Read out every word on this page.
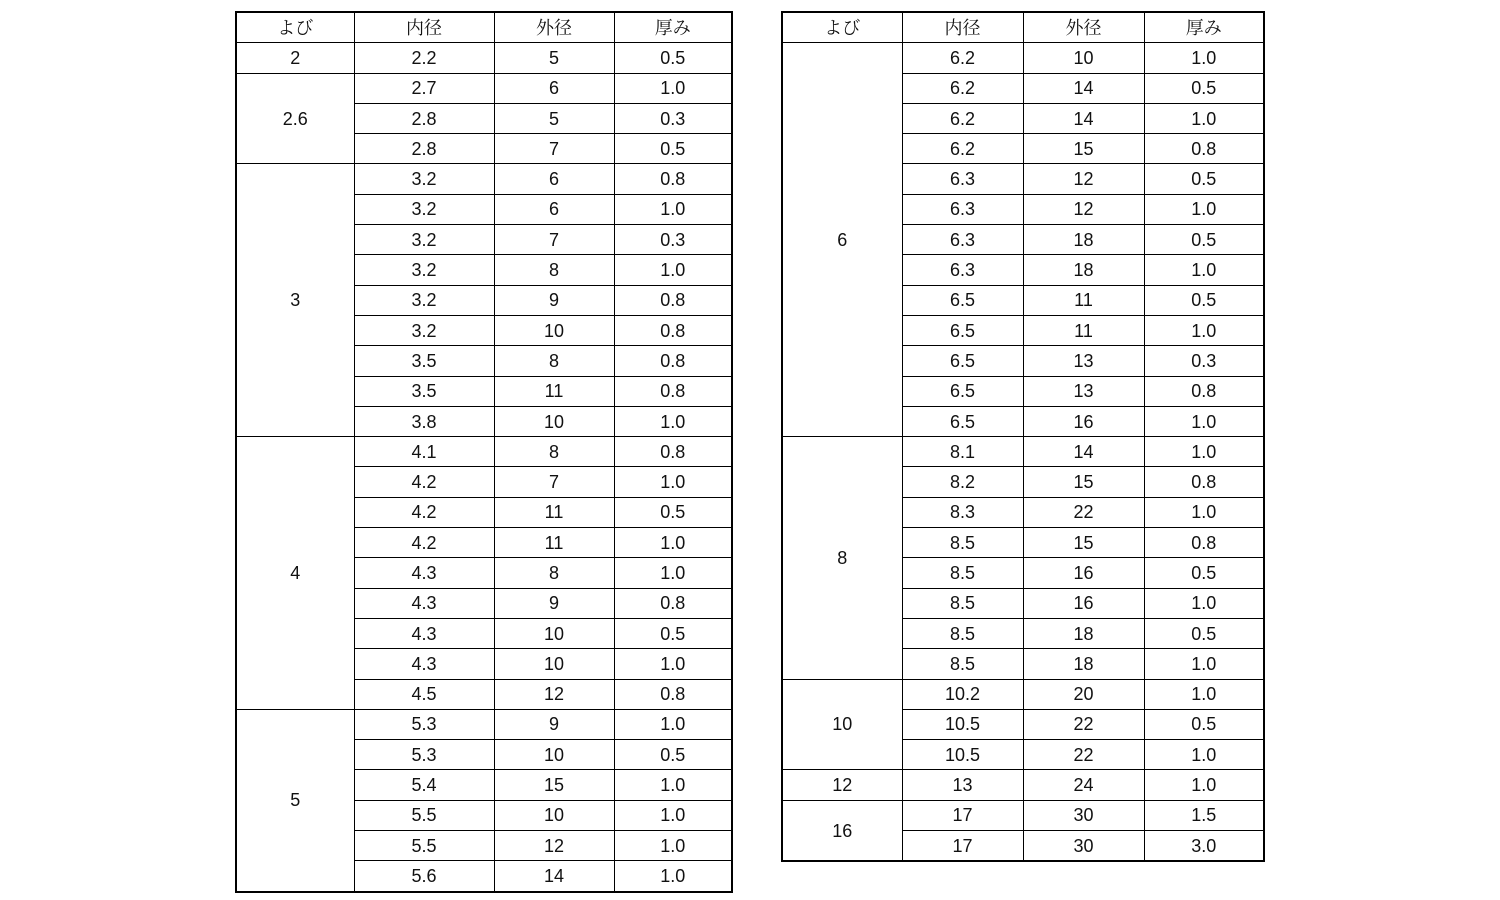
よび	内径	外径	厚み
2	2.2	5	0.5
2.6	2.7	6	1.0
	2.8	5	0.3
	2.8	7	0.5
3	3.2	6	0.8
	3.2	6	1.0
	3.2	7	0.3
	3.2	8	1.0
	3.2	9	0.8
	3.2	10	0.8
	3.5	8	0.8
	3.5	11	0.8
	3.8	10	1.0
4	4.1	8	0.8
	4.2	7	1.0
	4.2	11	0.5
	4.2	11	1.0
	4.3	8	1.0
	4.3	9	0.8
	4.3	10	0.5
	4.3	10	1.0
	4.5	12	0.8
5	5.3	9	1.0
	5.3	10	0.5
	5.4	15	1.0
	5.5	10	1.0
	5.5	12	1.0
	5.6	14	1.0
よび	内径	外径	厚み
6	6.2	10	1.0
	6.2	14	0.5
	6.2	14	1.0
	6.2	15	0.8
	6.3	12	0.5
	6.3	12	1.0
	6.3	18	0.5
	6.3	18	1.0
	6.5	11	0.5
	6.5	11	1.0
	6.5	13	0.3
	6.5	13	0.8
	6.5	16	1.0
8	8.1	14	1.0
	8.2	15	0.8
	8.3	22	1.0
	8.5	15	0.8
	8.5	16	0.5
	8.5	16	1.0
	8.5	18	0.5
	8.5	18	1.0
10	10.2	20	1.0
	10.5	22	0.5
	10.5	22	1.0
12	13	24	1.0
16	17	30	1.5
	17	30	3.0
